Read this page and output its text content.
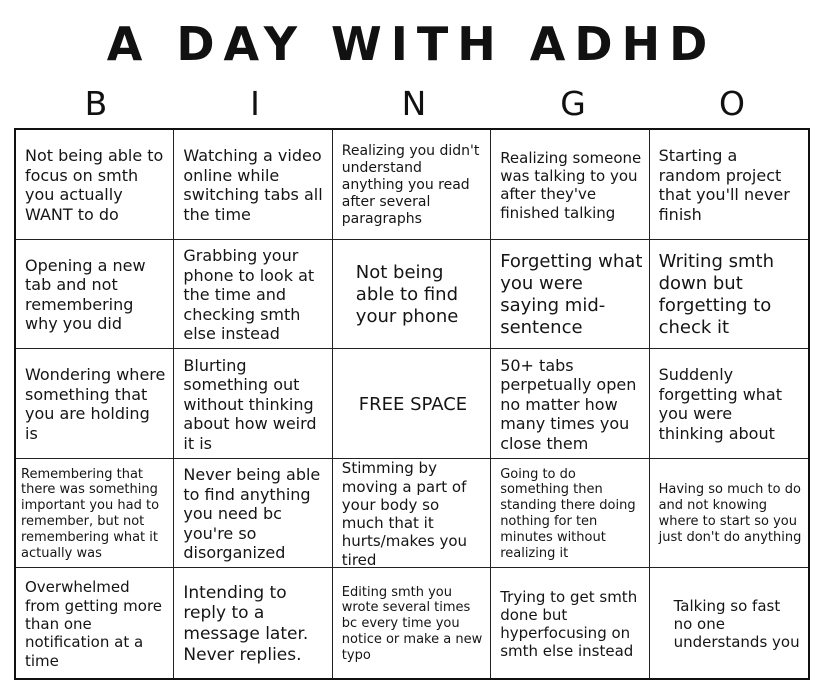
A DAY WITH ADHD
B	I	N	G	O
Not being able to focus on smth you actually WANT to do
Watching a video online while switching tabs all the time
Realizing you didn't understand anything you read after several paragraphs
Realizing someone was talking to you after they've finished talking
Starting a random project that you'll never finish
Opening a new tab and not remembering why you did
Grabbing your phone to look at the time and checking smth else instead
Not being able to find your phone
Forgetting what you were saying mid-sentence
Writing smth down but forgetting to check it
Wondering where something that you are holding is
Blurting something out without thinking about how weird it is
FREE SPACE
50+ tabs perpetually open no matter how many times you close them
Suddenly forgetting what you were thinking about
Remembering that there was something important you had to remember, but not remembering what it actually was
Never being able to find anything you need bc you're so disorganized
Stimming by moving a part of your body so much that it hurts/makes you tired
Going to do something then standing there doing nothing for ten minutes without realizing it
Having so much to do and not knowing where to start so you just don't do anything
Overwhelmed from getting more than one notification at a time
Intending to reply to a message later. Never replies.
Editing smth you wrote several times bc every time you notice or make a new typo
Trying to get smth done but hyperfocusing on smth else instead
Talking so fast no one understands you
